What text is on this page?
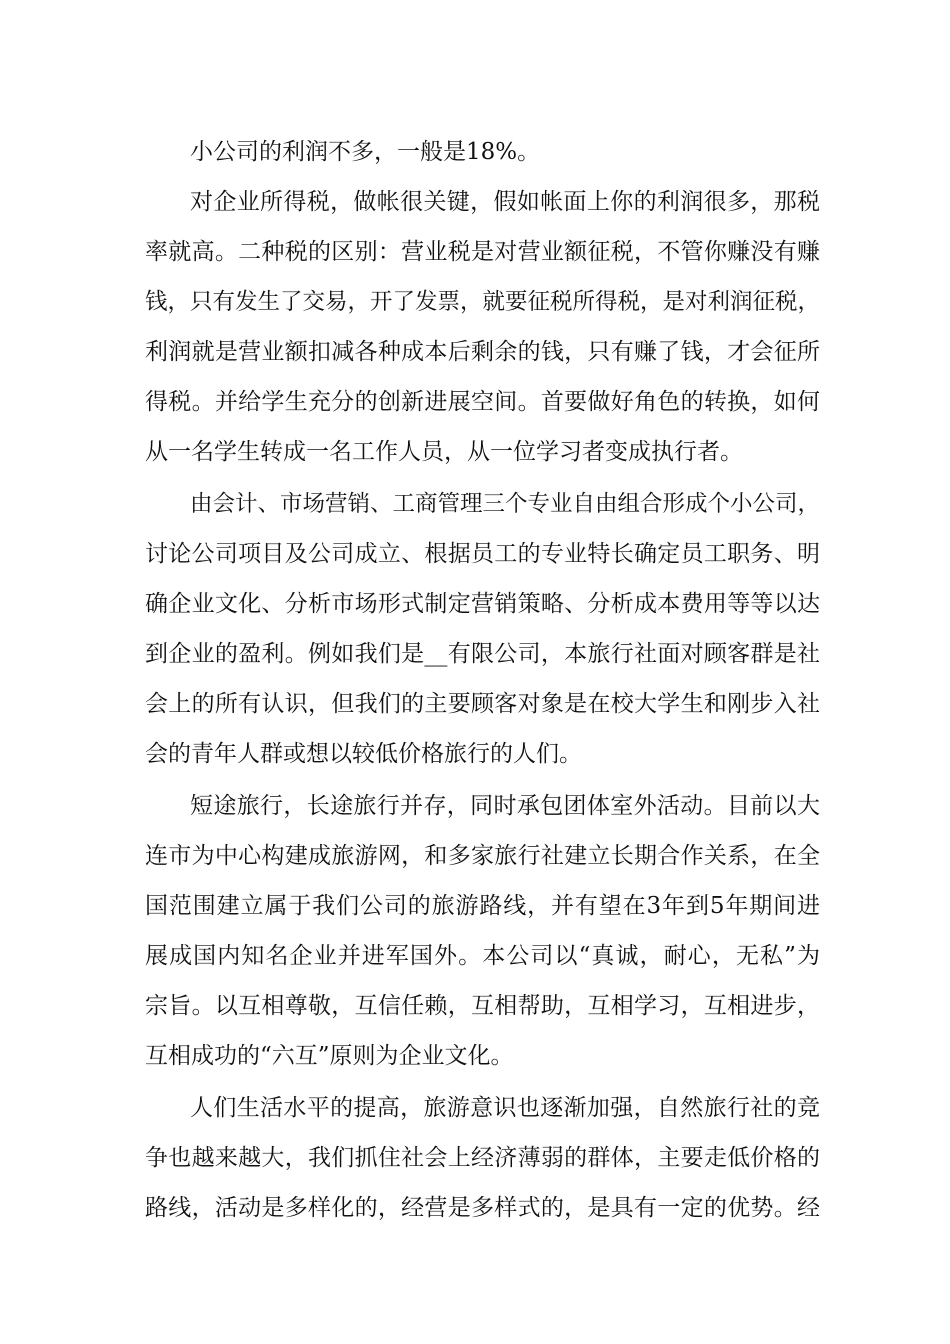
小公司的利润不多，一般是18%。

对企业所得税，做帐很关键，假如帐面上你的利润很多，那税

率就高。二种税的区别：营业税是对营业额征税，不管你赚没有赚

钱，只有发生了交易，开了发票，就要征税所得税，是对利润征税，

利润就是营业额扣减各种成本后剩余的钱，只有赚了钱，才会征所

得税。并给学生充分的创新进展空间。首要做好角色的转换，如何

从一名学生转成一名工作人员，从一位学习者变成执行者。

由会计、市场营销、工商管理三个专业自由组合形成个小公司，

讨论公司项目及公司成立、根据员工的专业特长确定员工职务、明

确企业文化、分析市场形式制定营销策略、分析成本费用等等以达

到企业的盈利。例如我们是__有限公司，本旅行社面对顾客群是社

会上的所有认识，但我们的主要顾客对象是在校大学生和刚步入社

会的青年人群或想以较低价格旅行的人们。

短途旅行，长途旅行并存，同时承包团体室外活动。目前以大

连市为中心构建成旅游网，和多家旅行社建立长期合作关系，在全

国范围建立属于我们公司的旅游路线，并有望在3年到5年期间进

展成国内知名企业并进军国外。本公司以“真诚，耐心，无私”为

宗旨。以互相尊敬，互信任赖，互相帮助，互相学习，互相进步，

互相成功的“六互”原则为企业文化。

人们生活水平的提高，旅游意识也逐渐加强，自然旅行社的竞

争也越来越大，我们抓住社会上经济薄弱的群体，主要走低价格的

路线，活动是多样化的，经营是多样式的，是具有一定的优势。经
